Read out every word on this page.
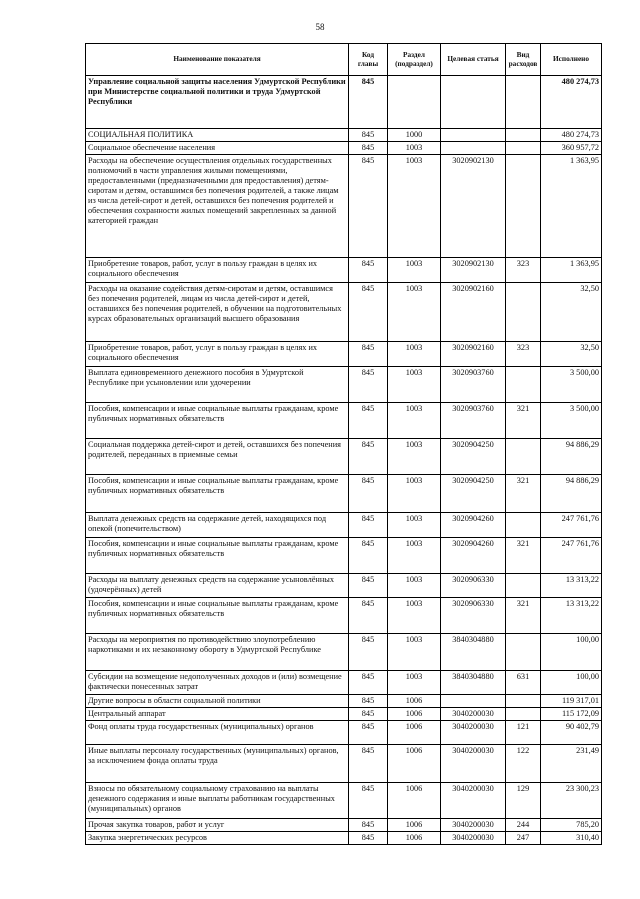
58
Наименование показателя	Код главы	Раздел (подраздел)	Целевая статья	Вид расходов	Исполнено
Управление социальной защиты населения Удмуртской Республики при Министерстве социальной политики и труда Удмуртской Республики	845				480 274,73
СОЦИАЛЬНАЯ ПОЛИТИКА	845	1000			480 274,73
Социальное обеспечение населения	845	1003			360 957,72
Расходы на обеспечение осуществления отдельных государственных полномочий в части управления жилыми помещениями, предоставленными (предназначенными для предоставления) детям-сиротам и детям, оставшимся без попечения родителей, а также лицам из числа детей-сирот и детей, оставшихся без попечения родителей и обеспечения сохранности жилых помещений закрепленных за данной категорией граждан	845	1003	3020902130		1 363,95
Приобретение товаров, работ, услуг в пользу граждан в целях их социального обеспечения	845	1003	3020902130	323	1 363,95
Расходы на оказание содействия детям-сиротам и детям, оставшимся без попечения родителей, лицам из числа детей-сирот и детей, оставшихся без попечения родителей, в обучении на подготовительных курсах образовательных организаций высшего образования	845	1003	3020902160		32,50
Приобретение товаров, работ, услуг в пользу граждан в целях их социального обеспечения	845	1003	3020902160	323	32,50
Выплата единовременного денежного пособия в Удмуртской Республике при усыновлении или удочерении	845	1003	3020903760		3 500,00
Пособия, компенсации и иные социальные выплаты гражданам, кроме публичных нормативных обязательств	845	1003	3020903760	321	3 500,00
Социальная поддержка детей-сирот и детей, оставшихся без попечения родителей, переданных в приемные семьи	845	1003	3020904250		94 886,29
Пособия, компенсации и иные социальные выплаты гражданам, кроме публичных нормативных обязательств	845	1003	3020904250	321	94 886,29
Выплата денежных средств на содержание детей, находящихся под опекой (попечительством)	845	1003	3020904260		247 761,76
Пособия, компенсации и иные социальные выплаты гражданам, кроме публичных нормативных обязательств	845	1003	3020904260	321	247 761,76
Расходы на выплату денежных средств на содержание усыновлённых (удочерённых) детей	845	1003	3020906330		13 313,22
Пособия, компенсации и иные социальные выплаты гражданам, кроме публичных нормативных обязательств	845	1003	3020906330	321	13 313,22
Расходы на мероприятия по противодействию злоупотреблению наркотиками и их незаконному обороту в Удмуртской Республике	845	1003	3840304880		100,00
Субсидии на возмещение недополученных доходов и (или) возмещение фактически понесенных затрат	845	1003	3840304880	631	100,00
Другие вопросы в области социальной политики	845	1006			119 317,01
Центральный аппарат	845	1006	3040200030		115 172,09
Фонд оплаты труда государственных (муниципальных) органов	845	1006	3040200030	121	90 402,79
Иные выплаты персоналу государственных (муниципальных) органов, за исключением фонда оплаты труда	845	1006	3040200030	122	231,49
Взносы по обязательному социальному страхованию на выплаты денежного содержания и иные выплаты работникам государственных (муниципальных) органов	845	1006	3040200030	129	23 300,23
Прочая закупка товаров, работ и услуг	845	1006	3040200030	244	785,20
Закупка энергетических ресурсов	845	1006	3040200030	247	310,40
